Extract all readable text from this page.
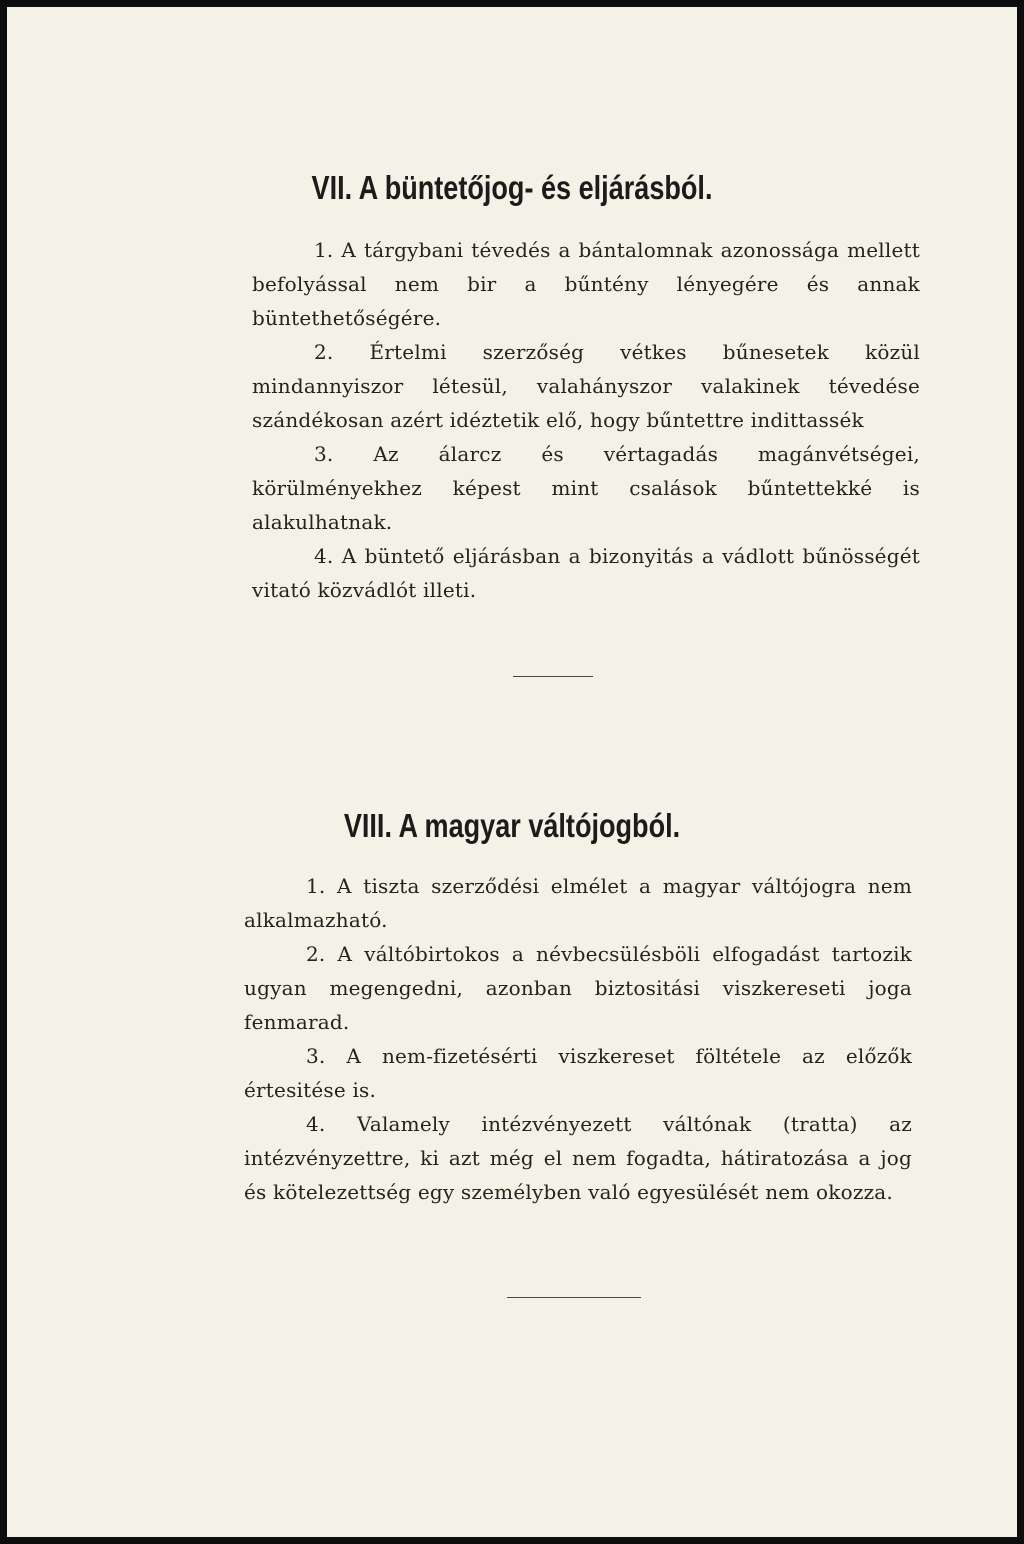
VII. A büntetőjog- és eljárásból.

1. A tárgybani tévedés a bántalomnak azonossága mellett befolyással nem bir a bűntény lényegére és annak büntethetőségére.

2. Értelmi szerzőség vétkes bűnesetek közül mindannyiszor létesül, valahányszor valakinek tévedése szándékosan azért idéztetik elő, hogy bűntettre indittassék

3. Az álarcz és vértagadás magánvétségei, körülményekhez képest mint csalások bűntettekké is alakulhatnak.

4. A büntető eljárásban a bizonyitás a vádlott bűnösségét vitató közvádlót illeti.

VIII. A magyar váltójogból.

1. A tiszta szerződési elmélet a magyar váltójogra nem alkalmazható.

2. A váltóbirtokos a névbecsülésböli elfogadást tartozik ugyan megengedni, azonban biztositási viszkereseti joga fenmarad.

3. A nem-fizetésérti viszkereset föltétele az előzők értesitése is.

4. Valamely intézvényezett váltónak (tratta) az intézvényzettre, ki azt még el nem fogadta, hátiratozása a jog és kötelezettség egy személyben való egyesülését nem okozza.
